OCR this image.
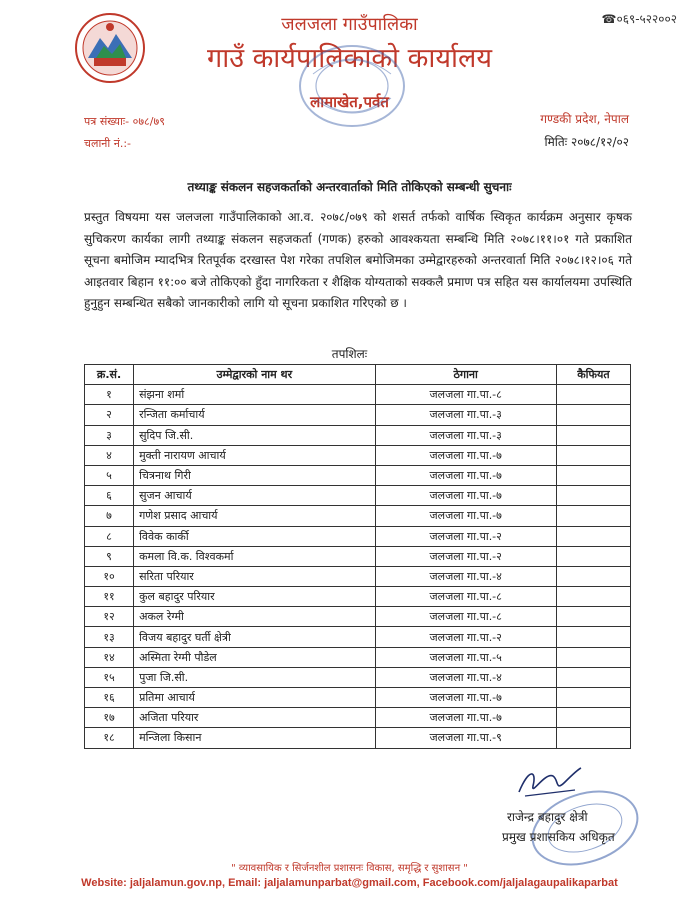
☎०६९-५२२००२
जलजला गाउँपालिका
गाउँ कार्यपालिकाको कार्यालय
लामाखेत,पर्वत
पत्र संख्याः- ०७८/७९
चलानी नं.:-
गण्डकी प्रदेश, नेपाल
मितिः २०७८/१२/०२
तथ्याङ्क संकलन सहजकर्ताको अन्तरवार्ताको मिति तोकिएको सम्बन्धी सुचनाः
प्रस्तुत विषयमा यस जलजला गाउँपालिकाको आ.व. २०७८/०७९ को शसर्त तर्फको वार्षिक स्विकृत कार्यक्रम अनुसार कृषक सुचिकरण कार्यका लागी तथ्याङ्क संकलन सहजकर्ता (गणक) हरुको आवश्कयता सम्बन्धि मिति २०७८।११।०१ गते प्रकाशित सूचना बमोजिम म्यादभित्र रितपूर्वक दरखास्त पेश गरेका तपशिल बमोजिमका उम्मेद्वारहरुको अन्तरवार्ता मिति २०७८।१२।०६ गते आइतवार बिहान ११:०० बजे तोकिएको हुँदा नागरिकता र शैक्षिक योग्यताको सक्कलै प्रमाण पत्र सहित यस कार्यालयमा उपस्थिति हुनुहुन सम्बन्धित सबैको जानकारीको लागि यो सूचना प्रकाशित गरिएको छ ।
तपशिलः
क्र.सं.	उम्मेद्वारको नाम थर	ठेगाना	कैफियत
१	संझना शर्मा	जलजला गा.पा.-८	
२	रन्जिता कर्माचार्य	जलजला गा.पा.-३	
३	सुदिप जि.सी.	जलजला गा.पा.-३	
४	मुक्ती नारायण आचार्य	जलजला गा.पा.-७	
५	चित्रनाथ गिरी	जलजला गा.पा.-७	
६	सुजन आचार्य	जलजला गा.पा.-७	
७	गणेश प्रसाद आचार्य	जलजला गा.पा.-७	
८	विवेक कार्की	जलजला गा.पा.-२	
९	कमला वि.क. विश्वकर्मा	जलजला गा.पा.-२	
१०	सरिता परियार	जलजला गा.पा.-४	
११	कुल बहादुर परियार	जलजला गा.पा.-८	
१२	अकल रेग्मी	जलजला गा.पा.-८	
१३	विजय बहादुर घर्ती क्षेत्री	जलजला गा.पा.-२	
१४	अस्मिता रेग्मी पौडेल	जलजला गा.पा.-५	
१५	पुजा जि.सी.	जलजला गा.पा.-४	
१६	प्रतिमा आचार्य	जलजला गा.पा.-७	
१७	अजिता परियार	जलजला गा.पा.-७	
१८	मन्जिला किसान	जलजला गा.पा.-९	
राजेन्द्र बहादुर क्षेत्री
प्रमुख प्रशासकिय अधिकृत
" व्यावसायिक र सिर्जनशील प्रशासनः विकास, समृद्धि र सुशासन "
Website: jaljalamun.gov.np, Email: jaljalamunparbat@gmail.com, Facebook.com/jaljalagaupalikaparbat
